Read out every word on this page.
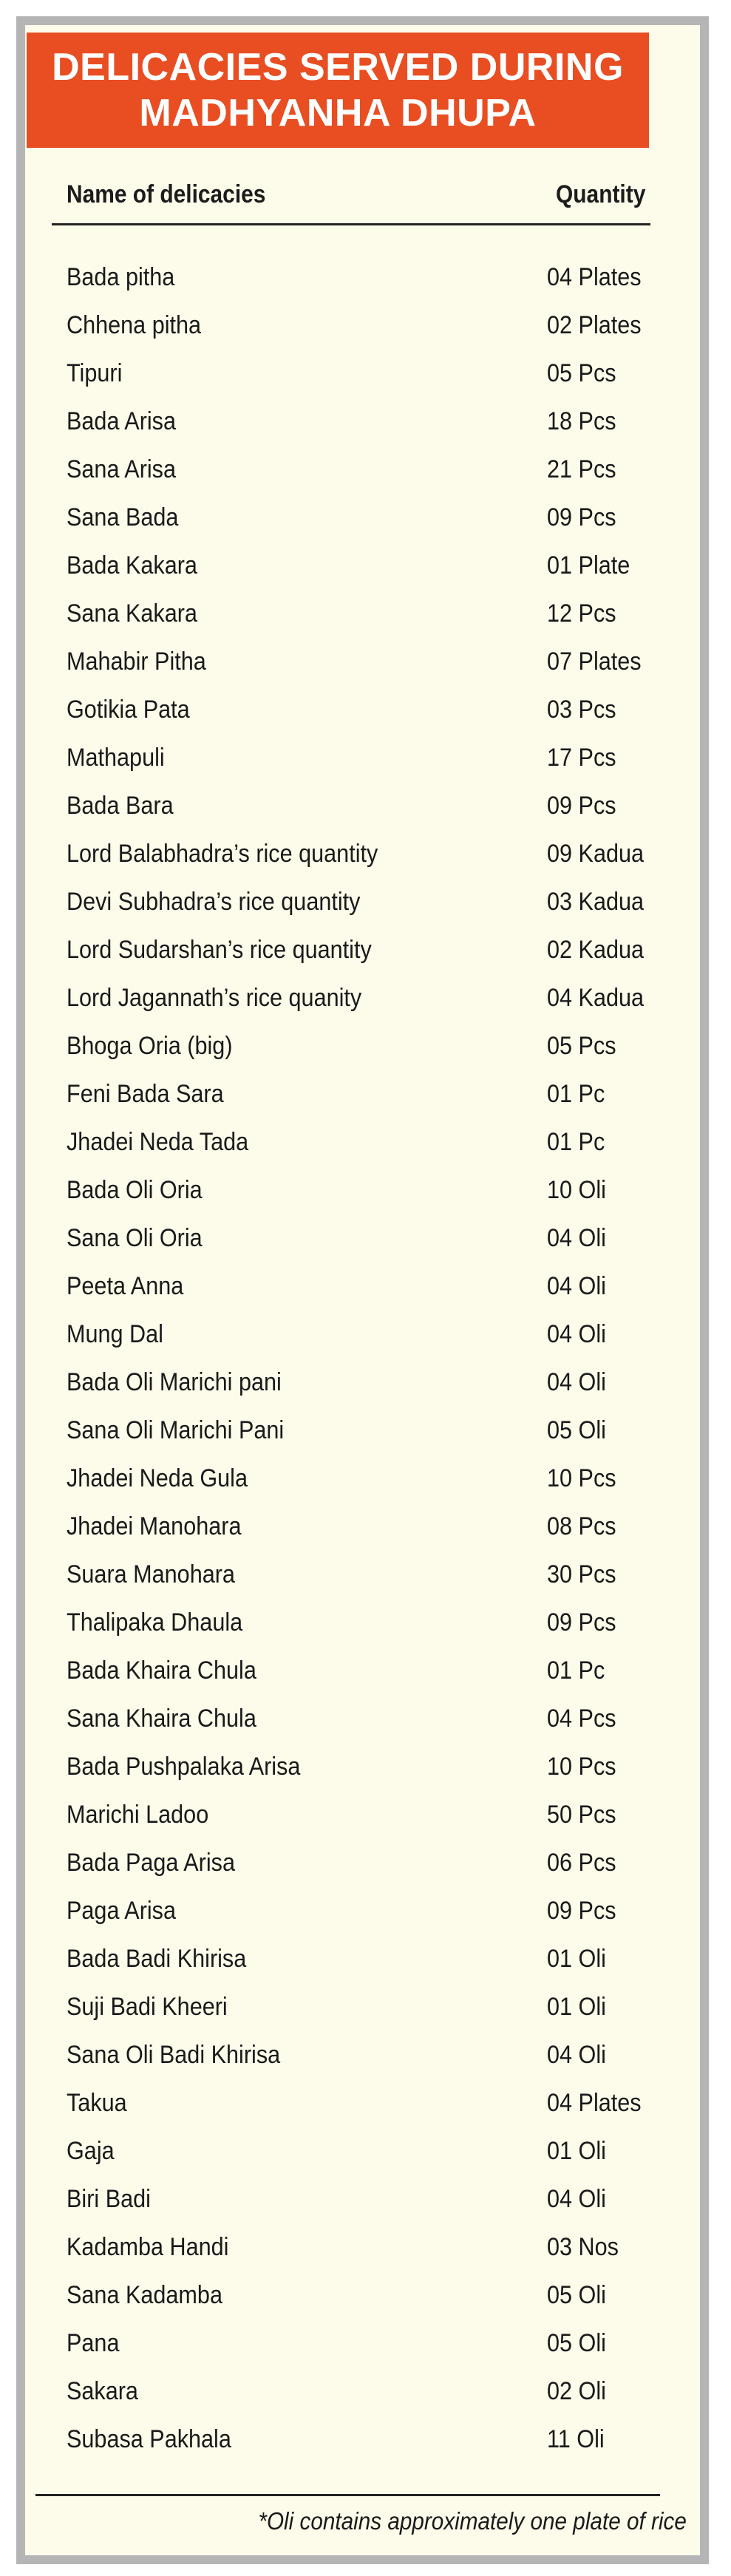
DELICACIES SERVED DURING
MADHYANHA DHUPA
Name of delicacies	Quantity
Bada pitha	04 Plates
Chhena pitha	02 Plates
Tipuri	05 Pcs
Bada Arisa	18 Pcs
Sana Arisa	21 Pcs
Sana Bada	09 Pcs
Bada Kakara	01 Plate
Sana Kakara	12 Pcs
Mahabir Pitha	07 Plates
Gotikia Pata	03 Pcs
Mathapuli	17 Pcs
Bada Bara	09 Pcs
Lord Balabhadra’s rice quantity	09 Kadua
Devi Subhadra’s rice quantity	03 Kadua
Lord Sudarshan’s rice quantity	02 Kadua
Lord Jagannath’s rice quanity	04 Kadua
Bhoga Oria (big)	05 Pcs
Feni Bada Sara	01 Pc
Jhadei Neda Tada	01 Pc
Bada Oli Oria	10 Oli
Sana Oli Oria	04 Oli
Peeta Anna	04 Oli
Mung Dal	04 Oli
Bada Oli Marichi pani	04 Oli
Sana Oli Marichi Pani	05 Oli
Jhadei Neda Gula	10 Pcs
Jhadei Manohara	08 Pcs
Suara Manohara	30 Pcs
Thalipaka Dhaula	09 Pcs
Bada Khaira Chula	01 Pc
Sana Khaira Chula	04 Pcs
Bada Pushpalaka Arisa	10 Pcs
Marichi Ladoo	50 Pcs
Bada Paga Arisa	06 Pcs
Paga Arisa	09 Pcs
Bada Badi Khirisa	01 Oli
Suji Badi Kheeri	01 Oli
Sana Oli Badi Khirisa	04 Oli
Takua	04 Plates
Gaja	01 Oli
Biri Badi	04 Oli
Kadamba Handi	03 Nos
Sana Kadamba	05 Oli
Pana	05 Oli
Sakara	02 Oli
Subasa Pakhala	11 Oli
*Oli contains approximately one plate of rice
